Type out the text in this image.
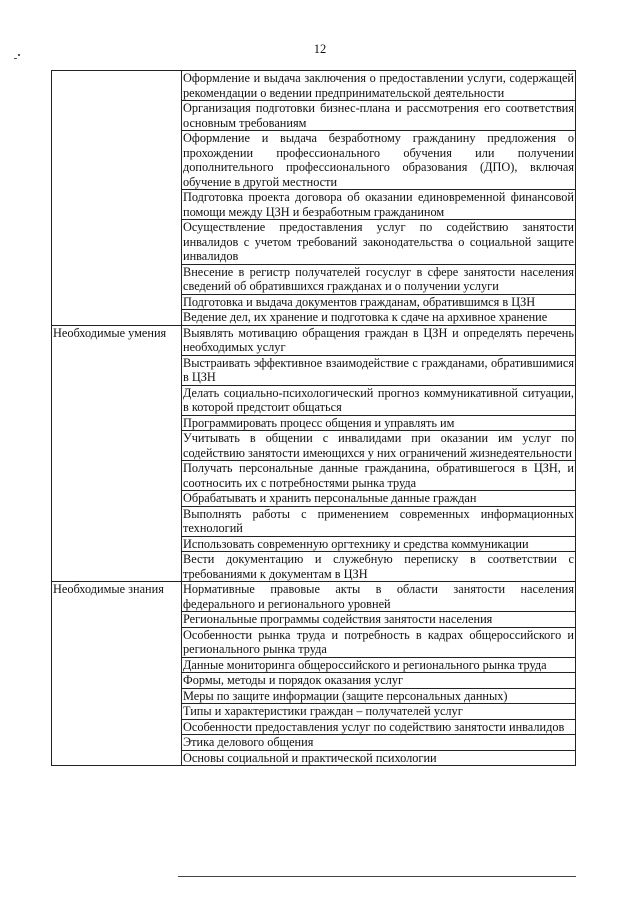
12
	Оформление и выдача заключения о предоставлении услуги, содержащей рекомендации о ведении предпринимательской деятельности
	Организация подготовки бизнес-плана и рассмотрения его соответствия основным требованиям
	Оформление и выдача безработному гражданину предложения о прохождении профессионального обучения или получении дополнительного профессионального образования (ДПО), включая обучение в другой местности
	Подготовка проекта договора об оказании единовременной финансовой помощи между ЦЗН и безработным гражданином
	Осуществление предоставления услуг по содействию занятости инвалидов с учетом требований законодательства о социальной защите инвалидов
	Внесение в регистр получателей госуслуг в сфере занятости населения сведений об обратившихся гражданах и о получении услуги
	Подготовка и выдача документов гражданам, обратившимся в ЦЗН
	Ведение дел, их хранение и подготовка к сдаче на архивное хранение
Необходимые умения	Выявлять мотивацию обращения граждан в ЦЗН и определять перечень необходимых услуг
	Выстраивать эффективное взаимодействие с гражданами, обратившимися в ЦЗН
	Делать социально-психологический прогноз коммуникативной ситуации, в которой предстоит общаться
	Программировать процесс общения и управлять им
	Учитывать в общении с инвалидами при оказании им услуг по содействию занятости имеющихся у них ограничений жизнедеятельности
	Получать персональные данные гражданина, обратившегося в ЦЗН, и соотносить их с потребностями рынка труда
	Обрабатывать и хранить персональные данные граждан
	Выполнять работы с применением современных информационных технологий
	Использовать современную оргтехнику и средства коммуникации
	Вести документацию и служебную переписку в соответствии с требованиями к документам в ЦЗН
Необходимые знания	Нормативные правовые акты в области занятости населения федерального и регионального уровней
	Региональные программы содействия занятости населения
	Особенности рынка труда и потребность в кадрах общероссийского и регионального рынка труда
	Данные мониторинга общероссийского и регионального рынка труда
	Формы, методы и порядок оказания услуг
	Меры по защите информации (защите персональных данных)
	Типы и характеристики граждан – получателей услуг
	Особенности предоставления услуг по содействию занятости инвалидов
	Этика делового общения
	Основы социальной и практической психологии
